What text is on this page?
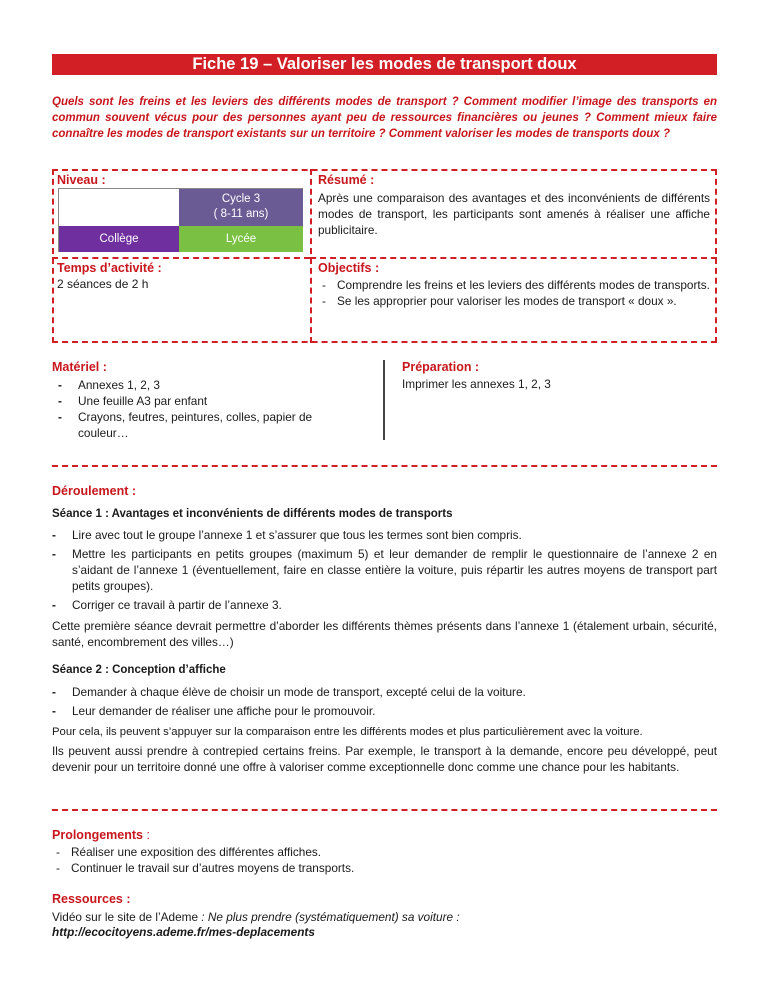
Fiche 19 – Valoriser les modes de transport doux
Quels sont les freins et les leviers des différents modes de transport ? Comment modifier l’image des transports en commun souvent vécus pour des personnes ayant peu de ressources financières ou jeunes ? Comment mieux faire connaître les modes de transport existants sur un territoire ? Comment valoriser les modes de transports doux ?
Niveau :
Cycle 3
( 8-11 ans)
Collège	Lycée
Résumé :
Après une comparaison des avantages et des inconvénients de différents modes de transport, les participants sont amenés à réaliser une affiche publicitaire.
Temps d’activité :
2 séances de 2 h
Objectifs :
- Comprendre les freins et les leviers des différents modes de transports.
- Se les approprier pour valoriser les modes de transport « doux ».
Matériel :
- Annexes 1, 2, 3
- Une feuille A3 par enfant
- Crayons, feutres, peintures, colles, papier de couleur…
Préparation :
Imprimer les annexes 1, 2, 3
Déroulement :
Séance 1 : Avantages et inconvénients de différents modes de transports
- Lire avec tout le groupe l’annexe 1 et s’assurer que tous les termes sont bien compris.
- Mettre les participants en petits groupes (maximum 5) et leur demander de remplir le questionnaire de l’annexe 2 en s’aidant de l’annexe 1 (éventuellement, faire en classe entière la voiture, puis répartir les autres moyens de transport part petits groupes).
- Corriger ce travail à partir de l’annexe 3.
Cette première séance devrait permettre d’aborder les différents thèmes présents dans l’annexe 1 (étalement urbain, sécurité, santé, encombrement des villes…)
Séance 2 : Conception d’affiche
- Demander à chaque élève de choisir un mode de transport, excepté celui de la voiture.
- Leur demander de réaliser une affiche pour le promouvoir.
Pour cela, ils peuvent s’appuyer sur la comparaison entre les différents modes et plus particulièrement avec la voiture.
Ils peuvent aussi prendre à contrepied certains freins. Par exemple, le transport à la demande, encore peu développé, peut devenir pour un territoire donné une offre à valoriser comme exceptionnelle donc comme une chance pour les habitants.
Prolongements :
- Réaliser une exposition des différentes affiches.
- Continuer le travail sur d’autres moyens de transports.
Ressources :
Vidéo sur le site de l’Ademe : Ne plus prendre (systématiquement) sa voiture :
http://ecocitoyens.ademe.fr/mes-deplacements
